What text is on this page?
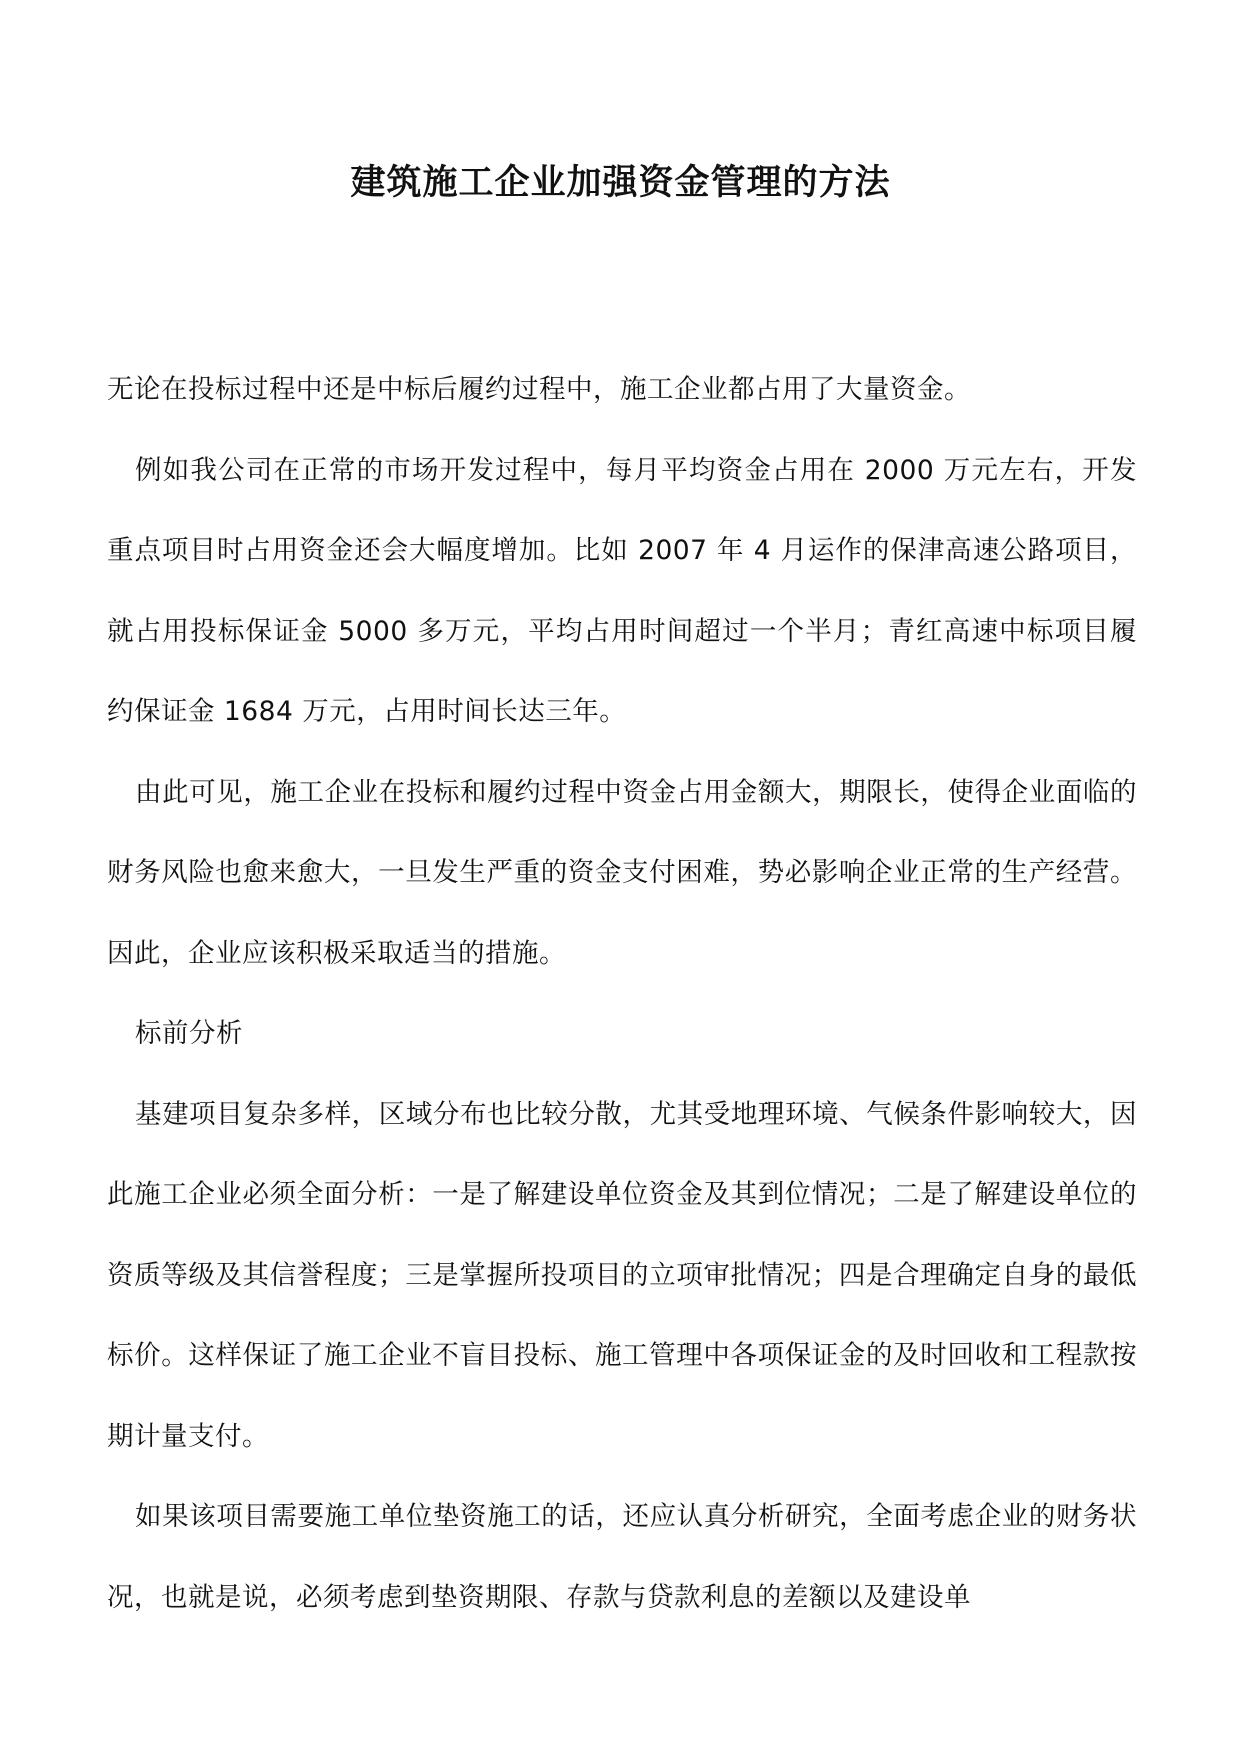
建筑施工企业加强资金管理的方法

无论在投标过程中还是中标后履约过程中，施工企业都占用了大量资金。

例如我公司在正常的市场开发过程中，每月平均资金占用在 2000 万元左右，开发重点项目时占用资金还会大幅度增加。比如 2007 年 4 月运作的保津高速公路项目，就占用投标保证金 5000 多万元，平均占用时间超过一个半月；青红高速中标项目履约保证金 1684 万元，占用时间长达三年。

由此可见，施工企业在投标和履约过程中资金占用金额大，期限长，使得企业面临的财务风险也愈来愈大，一旦发生严重的资金支付困难，势必影响企业正常的生产经营。因此，企业应该积极采取适当的措施。

标前分析

基建项目复杂多样，区域分布也比较分散，尤其受地理环境、气候条件影响较大，因此施工企业必须全面分析：一是了解建设单位资金及其到位情况；二是了解建设单位的资质等级及其信誉程度；三是掌握所投项目的立项审批情况；四是合理确定自身的最低标价。这样保证了施工企业不盲目投标、施工管理中各项保证金的及时回收和工程款按期计量支付。

如果该项目需要施工单位垫资施工的话，还应认真分析研究，全面考虑企业的财务状况，也就是说，必须考虑到垫资期限、存款与贷款利息的差额以及建设单
